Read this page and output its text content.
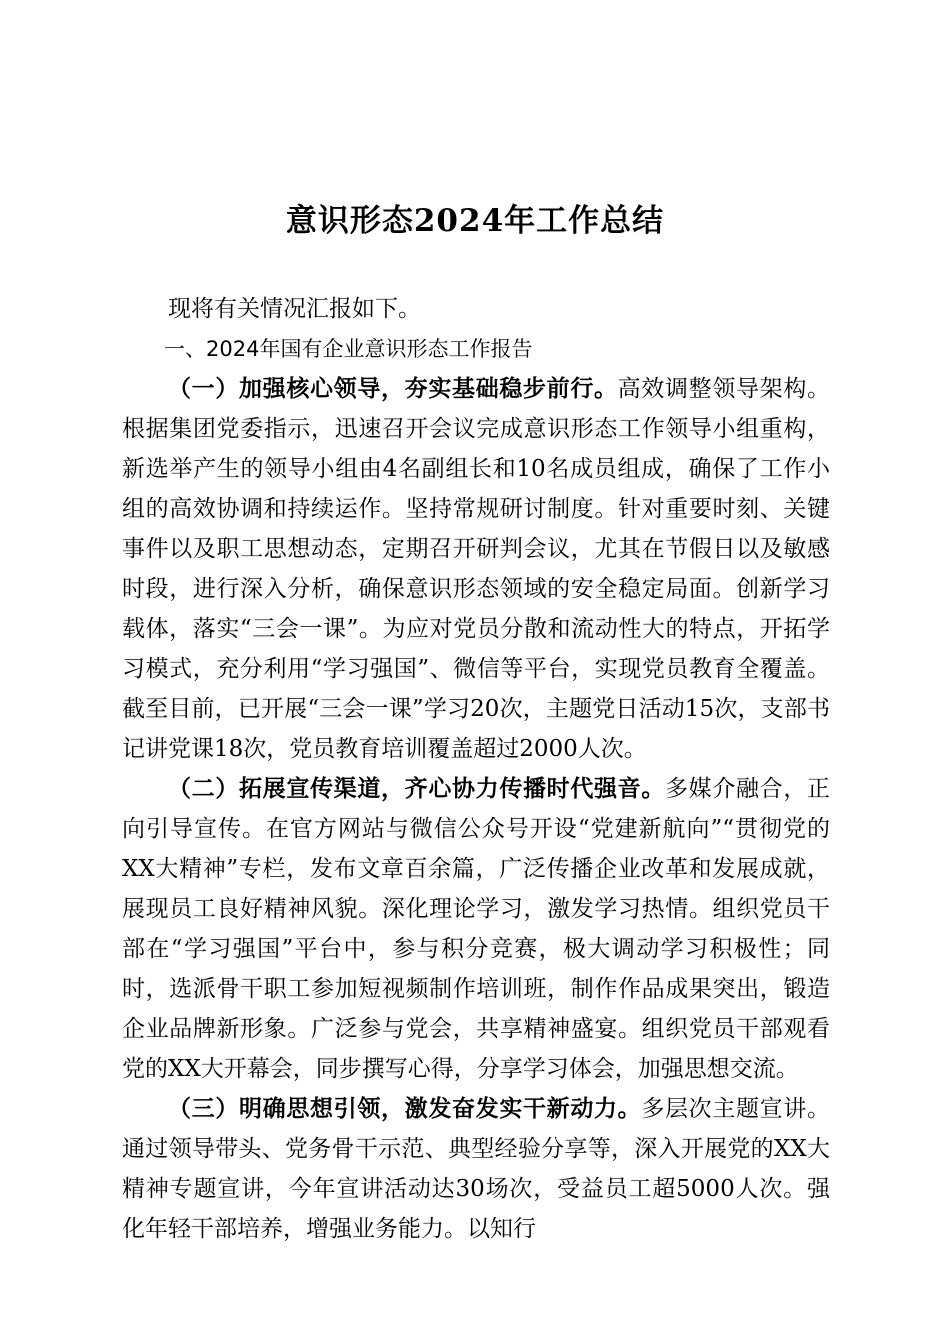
意识形态2024年工作总结

现将有关情况汇报如下。

一、2024年国有企业意识形态工作报告

（一）加强核心领导，夯实基础稳步前行。高效调整领导架构。根据集团党委指示，迅速召开会议完成意识形态工作领导小组重构，新选举产生的领导小组由4名副组长和10名成员组成，确保了工作小组的高效协调和持续运作。坚持常规研讨制度。针对重要时刻、关键事件以及职工思想动态，定期召开研判会议，尤其在节假日以及敏感时段，进行深入分析，确保意识形态领域的安全稳定局面。创新学习载体，落实“三会一课”。为应对党员分散和流动性大的特点，开拓学习模式，充分利用“学习强国”、微信等平台，实现党员教育全覆盖。截至目前，已开展“三会一课”学习20次，主题党日活动15次，支部书记讲党课18次，党员教育培训覆盖超过2000人次。

（二）拓展宣传渠道，齐心协力传播时代强音。多媒介融合，正向引导宣传。在官方网站与微信公众号开设“党建新航向”“贯彻党的XX大精神”专栏，发布文章百余篇，广泛传播企业改革和发展成就，展现员工良好精神风貌。深化理论学习，激发学习热情。组织党员干部在“学习强国”平台中，参与积分竞赛，极大调动学习积极性；同时，选派骨干职工参加短视频制作培训班，制作作品成果突出，锻造企业品牌新形象。广泛参与党会，共享精神盛宴。组织党员干部观看党的XX大开幕会，同步撰写心得，分享学习体会，加强思想交流。

（三）明确思想引领，激发奋发实干新动力。多层次主题宣讲。通过领导带头、党务骨干示范、典型经验分享等，深入开展党的XX大精神专题宣讲，今年宣讲活动达30场次，受益员工超5000人次。强化年轻干部培养，增强业务能力。以知行
